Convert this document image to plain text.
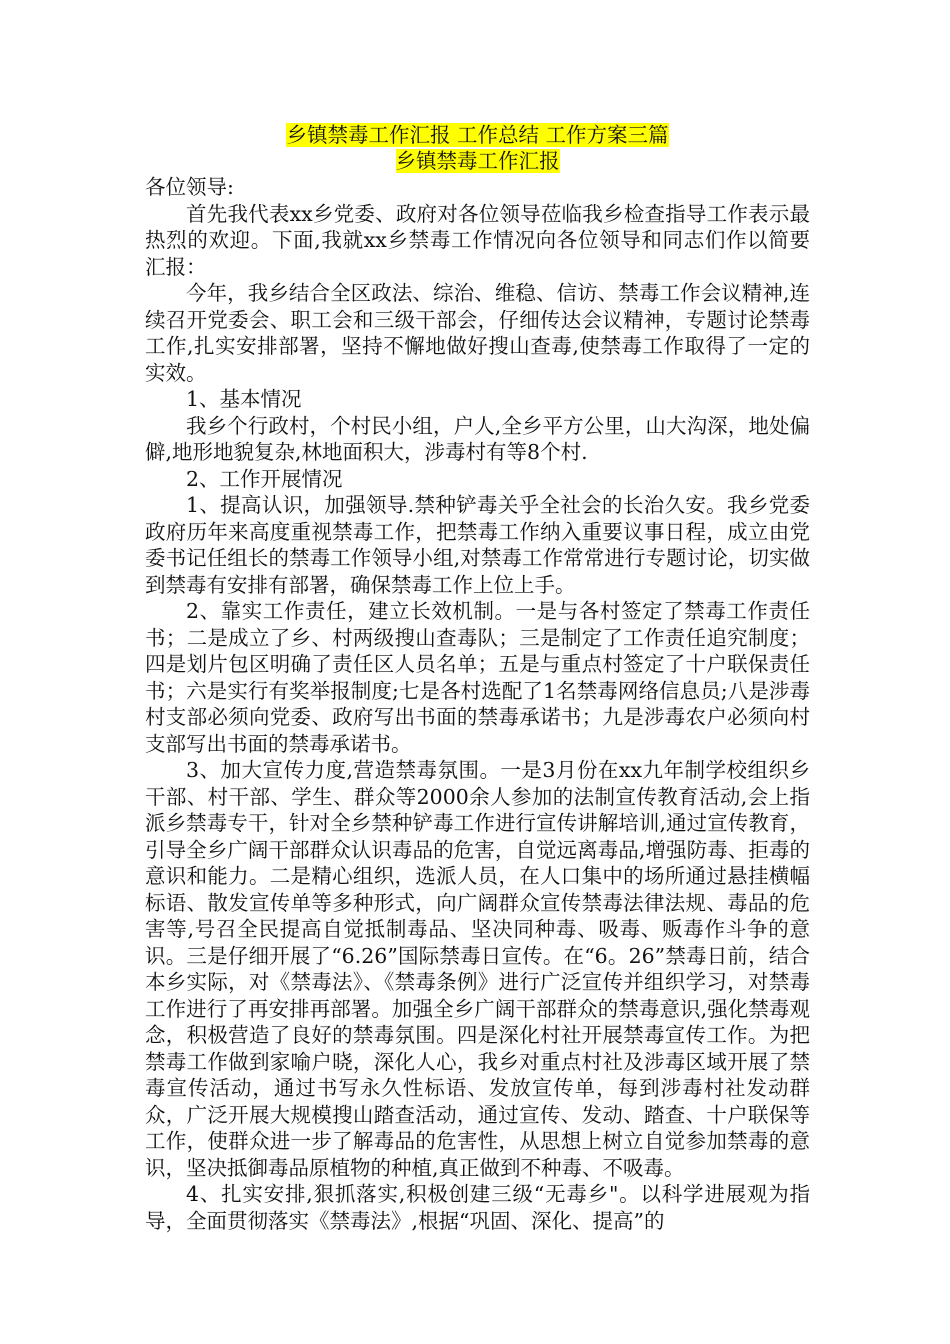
乡镇禁毒工作汇报 工作总结 工作方案三篇
乡镇禁毒工作汇报

各位领导:

首先我代表xx乡党委、政府对各位领导莅临我乡检查指导工作表示最热烈的欢迎。下面,我就xx乡禁毒工作情况向各位领导和同志们作以简要汇报：

今年，我乡结合全区政法、综治、维稳、信访、禁毒工作会议精神,连续召开党委会、职工会和三级干部会，仔细传达会议精神，专题讨论禁毒工作,扎实安排部署，坚持不懈地做好搜山查毒,使禁毒工作取得了一定的实效。

1、基本情况

我乡个行政村，个村民小组，户人,全乡平方公里，山大沟深，地处偏僻,地形地貌复杂,林地面积大，涉毒村有等8个村.

2、工作开展情况

1、提高认识，加强领导.禁种铲毒关乎全社会的长治久安。我乡党委政府历年来高度重视禁毒工作，把禁毒工作纳入重要议事日程，成立由党委书记任组长的禁毒工作领导小组,对禁毒工作常常进行专题讨论，切实做到禁毒有安排有部署，确保禁毒工作上位上手。

2、靠实工作责任，建立长效机制。一是与各村签定了禁毒工作责任书；二是成立了乡、村两级搜山查毒队；三是制定了工作责任追究制度；四是划片包区明确了责任区人员名单；五是与重点村签定了十户联保责任书；六是实行有奖举报制度;七是各村选配了1名禁毒网络信息员;八是涉毒村支部必须向党委、政府写出书面的禁毒承诺书；九是涉毒农户必须向村支部写出书面的禁毒承诺书。

3、加大宣传力度,营造禁毒氛围。一是3月份在xx九年制学校组织乡干部、村干部、学生、群众等2000余人参加的法制宣传教育活动,会上指派乡禁毒专干，针对全乡禁种铲毒工作进行宣传讲解培训,通过宣传教育，引导全乡广阔干部群众认识毒品的危害，自觉远离毒品,增强防毒、拒毒的意识和能力。二是精心组织，选派人员，在人口集中的场所通过悬挂横幅标语、散发宣传单等多种形式，向广阔群众宣传禁毒法律法规、毒品的危害等,号召全民提高自觉抵制毒品、坚决同种毒、吸毒、贩毒作斗争的意识。三是仔细开展了“6.26”国际禁毒日宣传。在“6。26”禁毒日前，结合本乡实际，对《禁毒法》、《禁毒条例》进行广泛宣传并组织学习，对禁毒工作进行了再安排再部署。加强全乡广阔干部群众的禁毒意识,强化禁毒观念，积极营造了良好的禁毒氛围。四是深化村社开展禁毒宣传工作。为把禁毒工作做到家喻户晓，深化人心，我乡对重点村社及涉毒区域开展了禁毒宣传活动，通过书写永久性标语、发放宣传单，每到涉毒村社发动群众，广泛开展大规模搜山踏查活动，通过宣传、发动、踏查、十户联保等工作，使群众进一步了解毒品的危害性，从思想上树立自觉参加禁毒的意识，坚决抵御毒品原植物的种植,真正做到不种毒、不吸毒。

4、扎实安排,狠抓落实,积极创建三级“无毒乡"。以科学进展观为指导，全面贯彻落实《禁毒法》,根据“巩固、深化、提高”的
